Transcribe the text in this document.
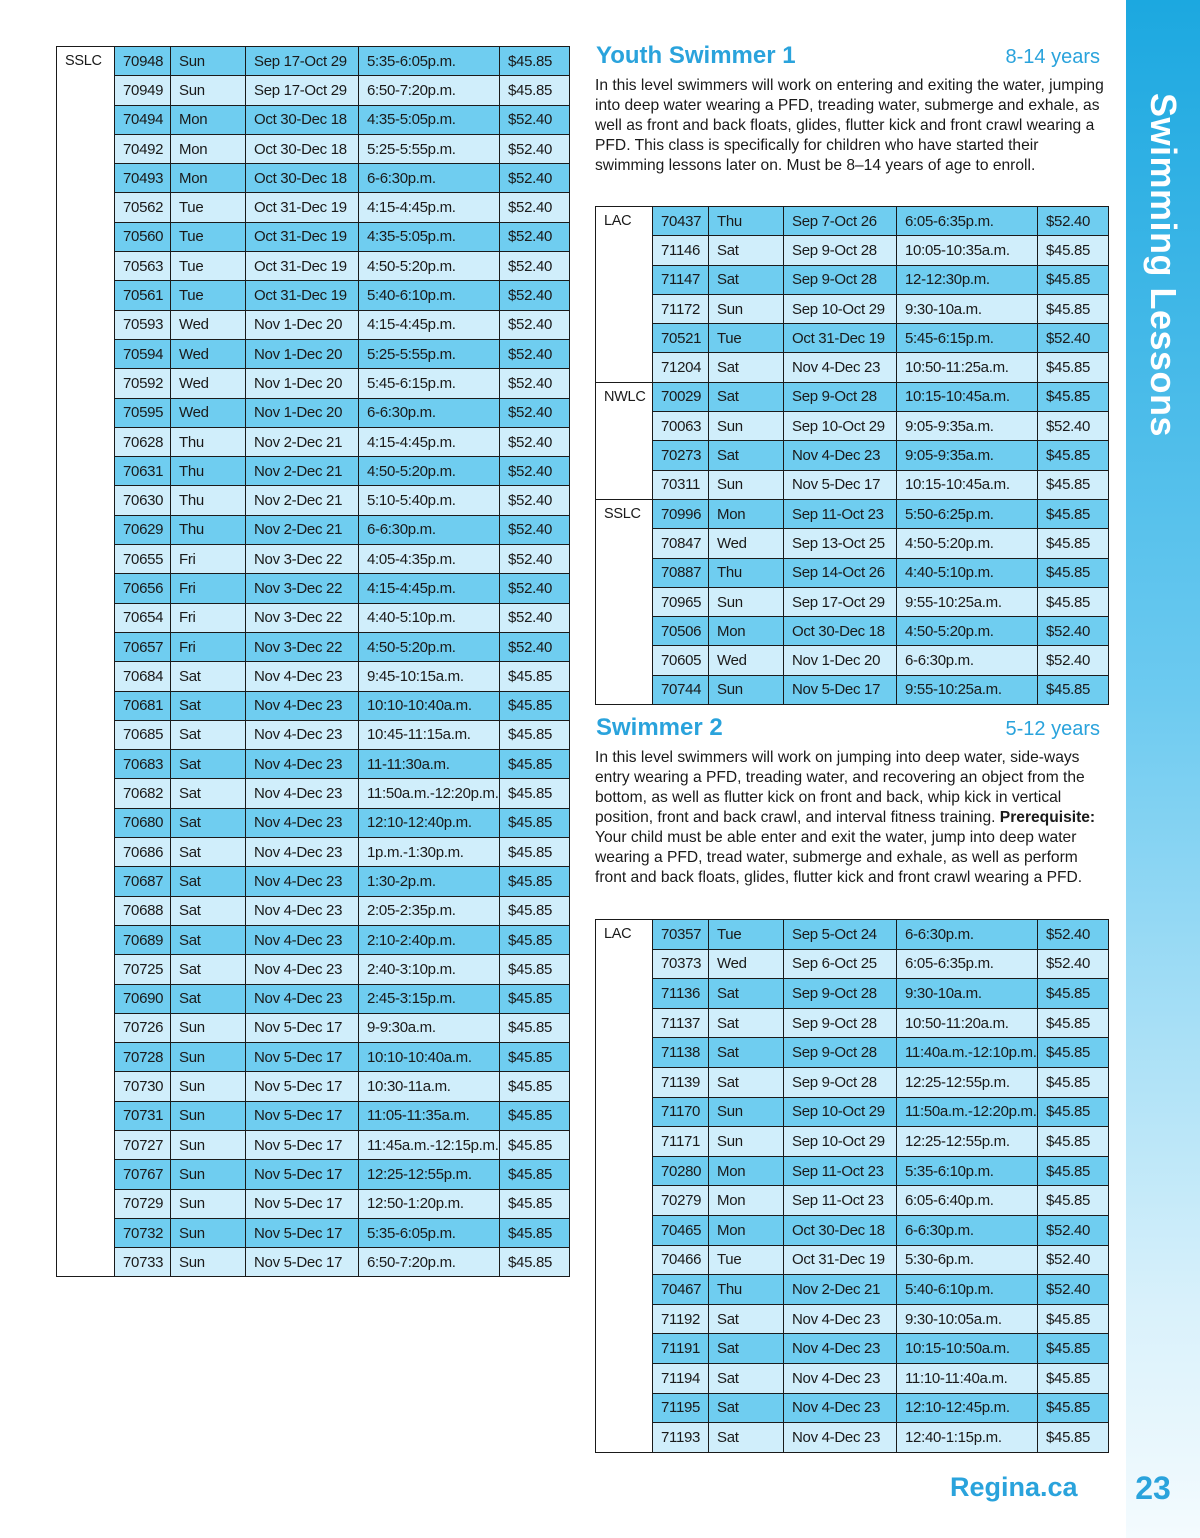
SSLC	70948	Sun	Sep 17-Oct 29	5:35-6:05p.m.	$45.85
	70949	Sun	Sep 17-Oct 29	6:50-7:20p.m.	$45.85
	70494	Mon	Oct 30-Dec 18	4:35-5:05p.m.	$52.40
	70492	Mon	Oct 30-Dec 18	5:25-5:55p.m.	$52.40
	70493	Mon	Oct 30-Dec 18	6-6:30p.m.	$52.40
	70562	Tue	Oct 31-Dec 19	4:15-4:45p.m.	$52.40
	70560	Tue	Oct 31-Dec 19	4:35-5:05p.m.	$52.40
	70563	Tue	Oct 31-Dec 19	4:50-5:20p.m.	$52.40
	70561	Tue	Oct 31-Dec 19	5:40-6:10p.m.	$52.40
	70593	Wed	Nov 1-Dec 20	4:15-4:45p.m.	$52.40
	70594	Wed	Nov 1-Dec 20	5:25-5:55p.m.	$52.40
	70592	Wed	Nov 1-Dec 20	5:45-6:15p.m.	$52.40
	70595	Wed	Nov 1-Dec 20	6-6:30p.m.	$52.40
	70628	Thu	Nov 2-Dec 21	4:15-4:45p.m.	$52.40
	70631	Thu	Nov 2-Dec 21	4:50-5:20p.m.	$52.40
	70630	Thu	Nov 2-Dec 21	5:10-5:40p.m.	$52.40
	70629	Thu	Nov 2-Dec 21	6-6:30p.m.	$52.40
	70655	Fri	Nov 3-Dec 22	4:05-4:35p.m.	$52.40
	70656	Fri	Nov 3-Dec 22	4:15-4:45p.m.	$52.40
	70654	Fri	Nov 3-Dec 22	4:40-5:10p.m.	$52.40
	70657	Fri	Nov 3-Dec 22	4:50-5:20p.m.	$52.40
	70684	Sat	Nov 4-Dec 23	9:45-10:15a.m.	$45.85
	70681	Sat	Nov 4-Dec 23	10:10-10:40a.m.	$45.85
	70685	Sat	Nov 4-Dec 23	10:45-11:15a.m.	$45.85
	70683	Sat	Nov 4-Dec 23	11-11:30a.m.	$45.85
	70682	Sat	Nov 4-Dec 23	11:50a.m.-12:20p.m.	$45.85
	70680	Sat	Nov 4-Dec 23	12:10-12:40p.m.	$45.85
	70686	Sat	Nov 4-Dec 23	1p.m.-1:30p.m.	$45.85
	70687	Sat	Nov 4-Dec 23	1:30-2p.m.	$45.85
	70688	Sat	Nov 4-Dec 23	2:05-2:35p.m.	$45.85
	70689	Sat	Nov 4-Dec 23	2:10-2:40p.m.	$45.85
	70725	Sat	Nov 4-Dec 23	2:40-3:10p.m.	$45.85
	70690	Sat	Nov 4-Dec 23	2:45-3:15p.m.	$45.85
	70726	Sun	Nov 5-Dec 17	9-9:30a.m.	$45.85
	70728	Sun	Nov 5-Dec 17	10:10-10:40a.m.	$45.85
	70730	Sun	Nov 5-Dec 17	10:30-11a.m.	$45.85
	70731	Sun	Nov 5-Dec 17	11:05-11:35a.m.	$45.85
	70727	Sun	Nov 5-Dec 17	11:45a.m.-12:15p.m.	$45.85
	70767	Sun	Nov 5-Dec 17	12:25-12:55p.m.	$45.85
	70729	Sun	Nov 5-Dec 17	12:50-1:20p.m.	$45.85
	70732	Sun	Nov 5-Dec 17	5:35-6:05p.m.	$45.85
	70733	Sun	Nov 5-Dec 17	6:50-7:20p.m.	$45.85
Youth Swimmer 1	8-14 years

In this level swimmers will work on entering and exiting the water, jumping into deep water wearing a PFD, treading water, submerge and exhale, as well as front and back floats, glides, flutter kick and front crawl wearing a PFD. This class is specifically for children who have started their swimming lessons later on. Must be 8–14 years of age to enroll.

LAC	70437	Thu	Sep 7-Oct 26	6:05-6:35p.m.	$52.40
	71146	Sat	Sep 9-Oct 28	10:05-10:35a.m.	$45.85
	71147	Sat	Sep 9-Oct 28	12-12:30p.m.	$45.85
	71172	Sun	Sep 10-Oct 29	9:30-10a.m.	$45.85
	70521	Tue	Oct 31-Dec 19	5:45-6:15p.m.	$52.40
	71204	Sat	Nov 4-Dec 23	10:50-11:25a.m.	$45.85
NWLC	70029	Sat	Sep 9-Oct 28	10:15-10:45a.m.	$45.85
	70063	Sun	Sep 10-Oct 29	9:05-9:35a.m.	$52.40
	70273	Sat	Nov 4-Dec 23	9:05-9:35a.m.	$45.85
	70311	Sun	Nov 5-Dec 17	10:15-10:45a.m.	$45.85
SSLC	70996	Mon	Sep 11-Oct 23	5:50-6:25p.m.	$45.85
	70847	Wed	Sep 13-Oct 25	4:50-5:20p.m.	$45.85
	70887	Thu	Sep 14-Oct 26	4:40-5:10p.m.	$45.85
	70965	Sun	Sep 17-Oct 29	9:55-10:25a.m.	$45.85
	70506	Mon	Oct 30-Dec 18	4:50-5:20p.m.	$52.40
	70605	Wed	Nov 1-Dec 20	6-6:30p.m.	$52.40
	70744	Sun	Nov 5-Dec 17	9:55-10:25a.m.	$45.85
Swimmer 2	5-12 years

In this level swimmers will work on jumping into deep water, side-ways entry wearing a PFD, treading water, and recovering an object from the bottom, as well as flutter kick on front and back, whip kick in vertical position, front and back crawl, and interval fitness training. Prerequisite: Your child must be able enter and exit the water, jump into deep water wearing a PFD, tread water, submerge and exhale, as well as perform front and back floats, glides, flutter kick and front crawl wearing a PFD.

LAC	70357	Tue	Sep 5-Oct 24	6-6:30p.m.	$52.40
	70373	Wed	Sep 6-Oct 25	6:05-6:35p.m.	$52.40
	71136	Sat	Sep 9-Oct 28	9:30-10a.m.	$45.85
	71137	Sat	Sep 9-Oct 28	10:50-11:20a.m.	$45.85
	71138	Sat	Sep 9-Oct 28	11:40a.m.-12:10p.m.	$45.85
	71139	Sat	Sep 9-Oct 28	12:25-12:55p.m.	$45.85
	71170	Sun	Sep 10-Oct 29	11:50a.m.-12:20p.m.	$45.85
	71171	Sun	Sep 10-Oct 29	12:25-12:55p.m.	$45.85
	70280	Mon	Sep 11-Oct 23	5:35-6:10p.m.	$45.85
	70279	Mon	Sep 11-Oct 23	6:05-6:40p.m.	$45.85
	70465	Mon	Oct 30-Dec 18	6-6:30p.m.	$52.40
	70466	Tue	Oct 31-Dec 19	5:30-6p.m.	$52.40
	70467	Thu	Nov 2-Dec 21	5:40-6:10p.m.	$52.40
	71192	Sat	Nov 4-Dec 23	9:30-10:05a.m.	$45.85
	71191	Sat	Nov 4-Dec 23	10:15-10:50a.m.	$45.85
	71194	Sat	Nov 4-Dec 23	11:10-11:40a.m.	$45.85
	71195	Sat	Nov 4-Dec 23	12:10-12:45p.m.	$45.85
	71193	Sat	Nov 4-Dec 23	12:40-1:15p.m.	$45.85
Swimming Lessons
Regina.ca 23
